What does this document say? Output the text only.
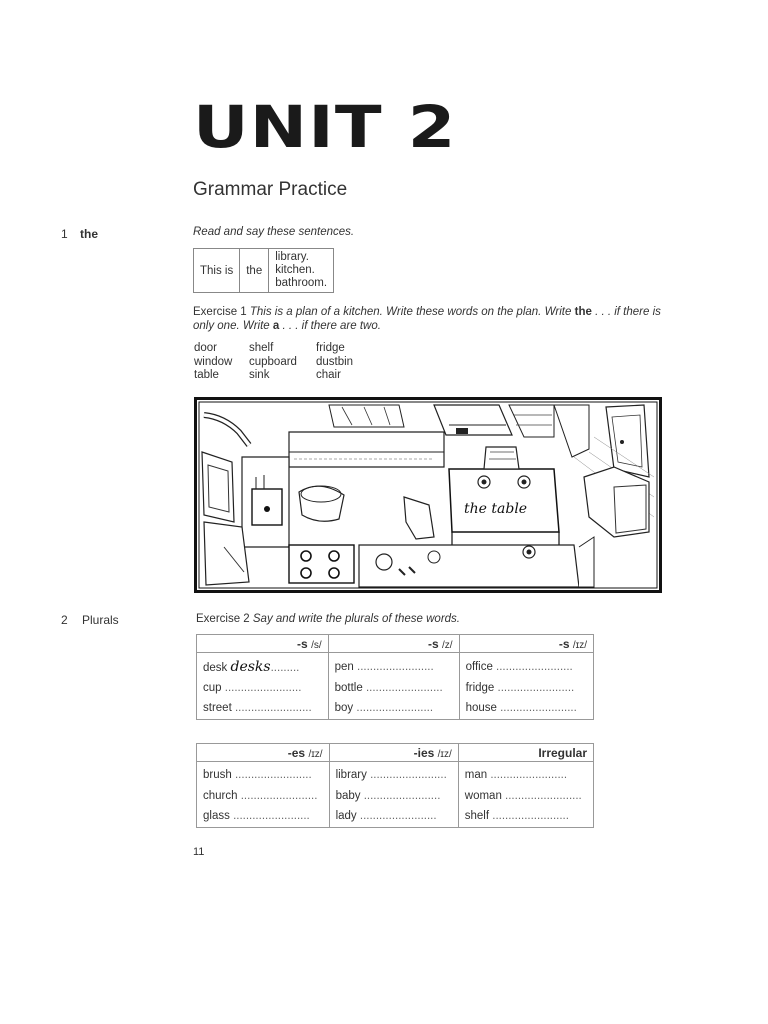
UNIT 2
Grammar Practice
1 the	Read and say these sentences.
This is	the	
library.
kitchen.
bathroom.
Exercise 1 This is a plan of a kitchen. Write these words on the plan. Write the . . . if there is only one. Write a . . . if there are two.
door	shelf	fridge
window	cupboard	dustbin
table	sink	chair
the table
2 Plurals	Exercise 2 Say and write the plurals of these words.
-s /s/	-s /z/	-s /ɪz/
desk desks.........	pen ........................	office ........................
cup ........................	bottle ........................	fridge ........................
street ........................	boy ........................	house ........................
-es /ɪz/	-ies /ɪz/	Irregular
brush ........................	library ........................	man ........................
church ........................	baby ........................	woman ........................
glass ........................	lady ........................	shelf ........................
11
